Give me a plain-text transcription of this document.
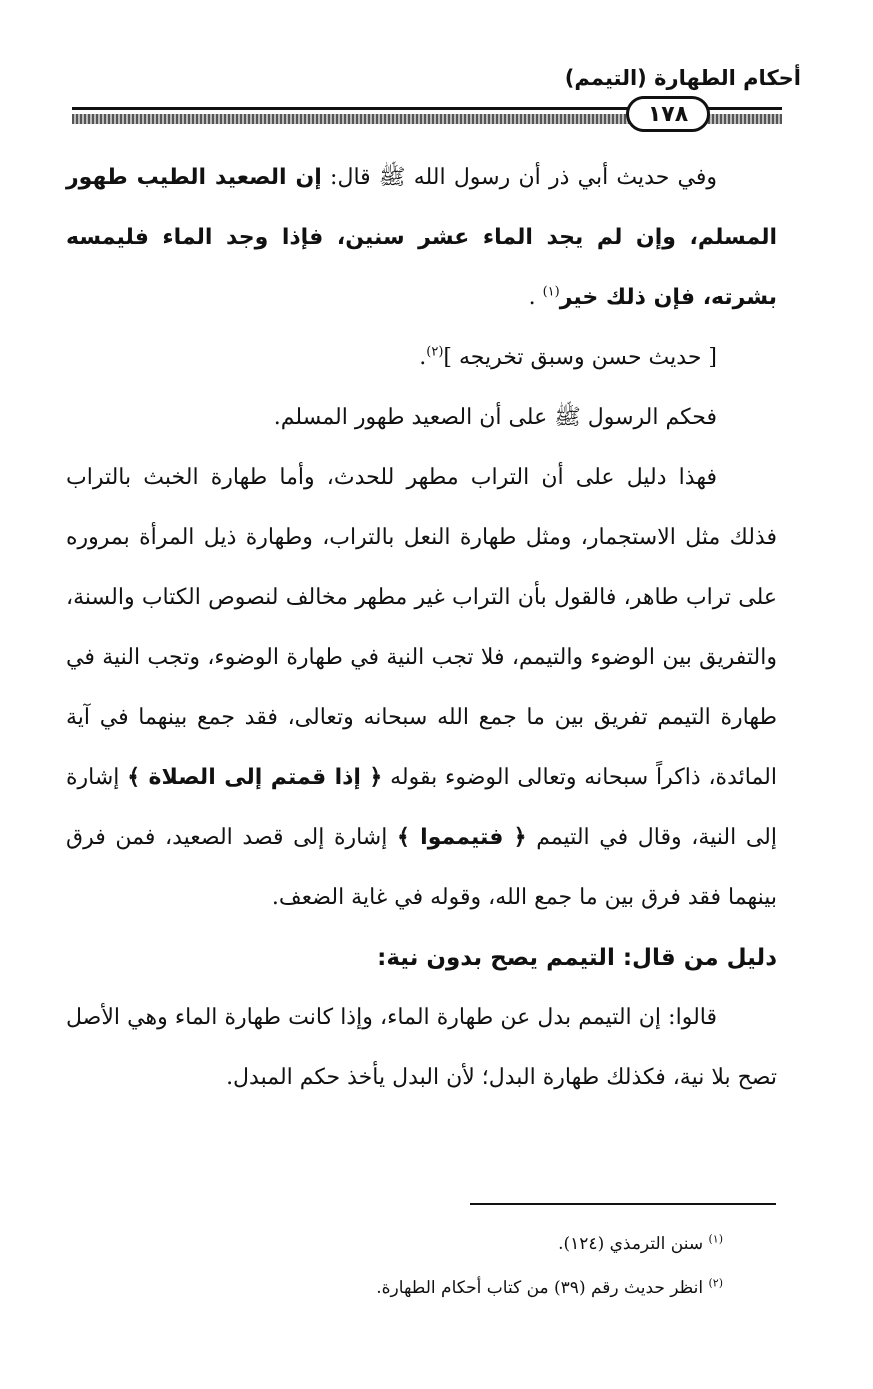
أحكام الطهارة (التيمم)
١٧٨

وفي حديث أبي ذر أن رسول الله ﷺ قال: إن الصعيد الطيب طهور المسلم، وإن لم يجد الماء عشر سنين، فإذا وجد الماء فليمسه بشرته، فإن ذلك خير$^{(١)}$ .

[ حديث حسن وسبق تخريجه ]$^{(٢)}$.

فحكم الرسول ﷺ على أن الصعيد طهور المسلم.

فهذا دليل على أن التراب مطهر للحدث، وأما طهارة الخبث بالتراب فذلك مثل الاستجمار، ومثل طهارة النعل بالتراب، وطهارة ذيل المرأة بمروره على تراب طاهر، فالقول بأن التراب غير مطهر مخالف لنصوص الكتاب والسنة، والتفريق بين الوضوء والتيمم، فلا تجب النية في طهارة الوضوء، وتجب النية في طهارة التيمم تفريق بين ما جمع الله سبحانه وتعالى، فقد جمع بينهما في آية المائدة، ذاكراً سبحانه وتعالى الوضوء بقوله ﴿ إذا قمتم إلى الصلاة ﴾ إشارة إلى النية، وقال في التيمم ﴿ فتيمموا ﴾ إشارة إلى قصد الصعيد، فمن فرق بينهما فقد فرق بين ما جمع الله، وقوله في غاية الضعف.

دليل من قال: التيمم يصح بدون نية:

قالوا: إن التيمم بدل عن طهارة الماء، وإذا كانت طهارة الماء وهي الأصل تصح بلا نية، فكذلك طهارة البدل؛ لأن البدل يأخذ حكم المبدل.

$^{(١)}$ سنن الترمذي (١٢٤).
$^{(٢)}$ انظر حديث رقم (٣٩) من كتاب أحكام الطهارة.
